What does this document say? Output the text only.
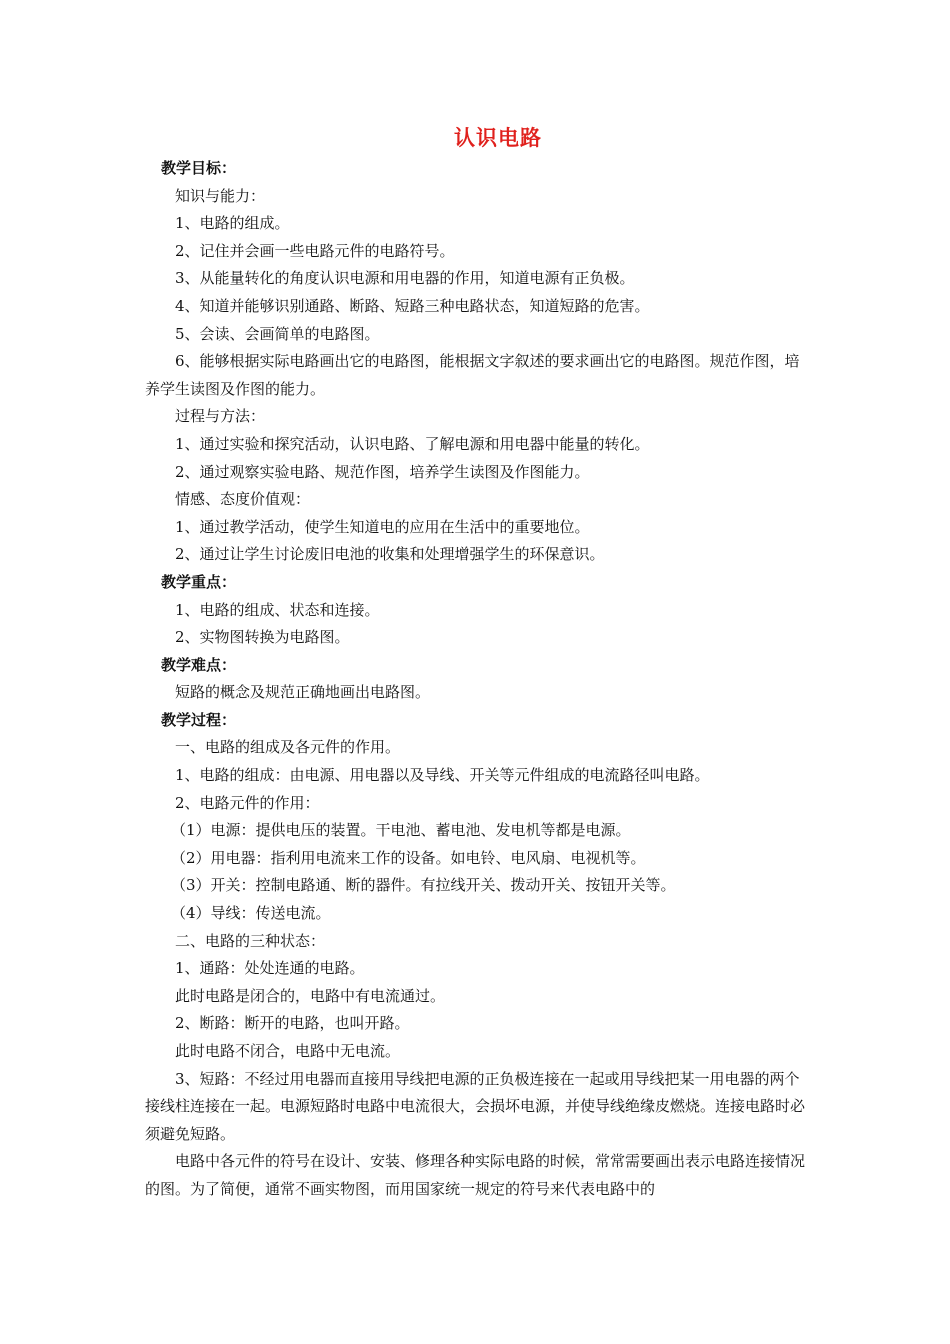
认识电路

教学目标：

知识与能力：

1、电路的组成。

2、记住并会画一些电路元件的电路符号。

3、从能量转化的角度认识电源和用电器的作用，知道电源有正负极。

4、知道并能够识别通路、断路、短路三种电路状态，知道短路的危害。

5、会读、会画简单的电路图。

6、能够根据实际电路画出它的电路图，能根据文字叙述的要求画出它的电路图。规范作图，培养学生读图及作图的能力。

过程与方法：

1、通过实验和探究活动，认识电路、了解电源和用电器中能量的转化。

2、通过观察实验电路、规范作图，培养学生读图及作图能力。

情感、态度价值观：

1、通过教学活动，使学生知道电的应用在生活中的重要地位。

2、通过让学生讨论废旧电池的收集和处理增强学生的环保意识。

教学重点：

1、电路的组成、状态和连接。

2、实物图转换为电路图。

教学难点：

短路的概念及规范正确地画出电路图。

教学过程：

一、电路的组成及各元件的作用。

1、电路的组成：由电源、用电器以及导线、开关等元件组成的电流路径叫电路。

2、电路元件的作用：

（1）电源：提供电压的装置。干电池、蓄电池、发电机等都是电源。

（2）用电器：指利用电流来工作的设备。如电铃、电风扇、电视机等。

（3）开关：控制电路通、断的器件。有拉线开关、拨动开关、按钮开关等。

（4）导线：传送电流。

二、电路的三种状态：

1、通路：处处连通的电路。

此时电路是闭合的，电路中有电流通过。

2、断路：断开的电路，也叫开路。

此时电路不闭合，电路中无电流。

3、短路：不经过用电器而直接用导线把电源的正负极连接在一起或用导线把某一用电器的两个接线柱连接在一起。电源短路时电路中电流很大，会损坏电源，并使导线绝缘皮燃烧。连接电路时必须避免短路。

电路中各元件的符号在设计、安装、修理各种实际电路的时候，常常需要画出表示电路连接情况的图。为了简便，通常不画实物图，而用国家统一规定的符号来代表电路中的
